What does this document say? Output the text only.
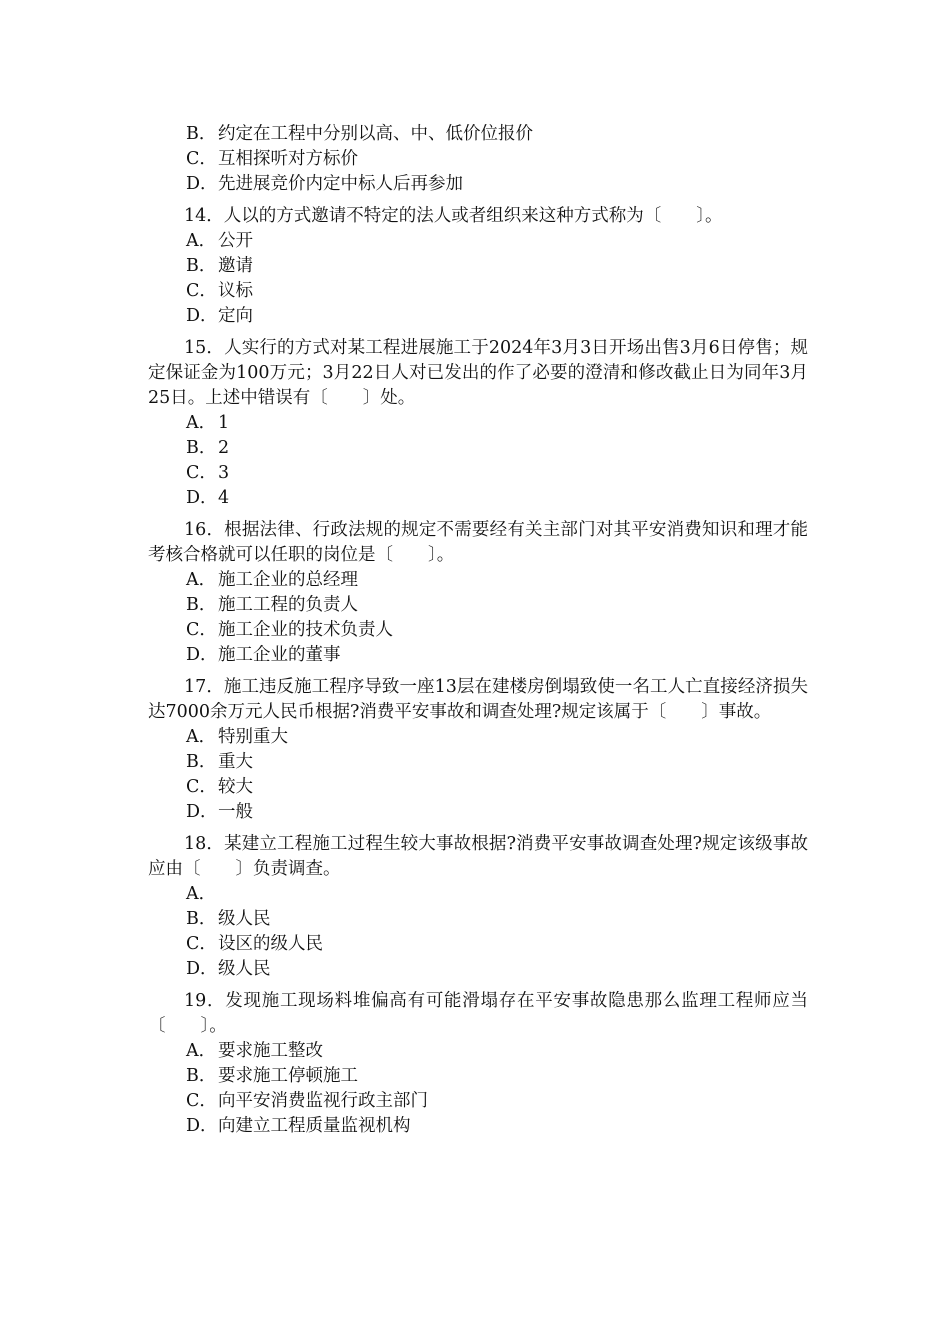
B．约定在工程中分别以高、中、低价位报价
C．互相探听对方标价
D．先进展竞价内定中标人后再参加

14．人以的方式邀请不特定的法人或者组织来这种方式称为〔　　〕。

A． 公开
B．邀请
C．议标
D．定向

15．人实行的方式对某工程进展施工于2024年3月3日开场出售3月6日停售；规定保证金为100万元；3月22日人对已发出的作了必要的澄清和修改截止日为同年3月25日。上述中错误有〔　　〕处。

A． 1
B．2
C．3
D．4

16．根据法律、行政法规的规定不需要经有关主部门对其平安消费知识和理才能考核合格就可以任职的岗位是〔　　〕。

A． 施工企业的总经理
B．施工工程的负责人
C．施工企业的技术负责人
D．施工企业的董事

17．施工违反施工程序导致一座13层在建楼房倒塌致使一名工人亡直接经济损失达7000余万元人民币根据?消费平安事故和调查处理?规定该属于〔　　〕事故。

A． 特别重大
B．重大
C．较大
D．一般

18．某建立工程施工过程生较大事故根据?消费平安事故调查处理?规定该级事故应由〔　　〕负责调查。

A．
B．级人民
C．设区的级人民
D．级人民

19．发现施工现场料堆偏高有可能滑塌存在平安事故隐患那么监理工程师应当〔　　〕。

A． 要求施工整改
B．要求施工停顿施工
C．向平安消费监视行政主部门
D．向建立工程质量监视机构
